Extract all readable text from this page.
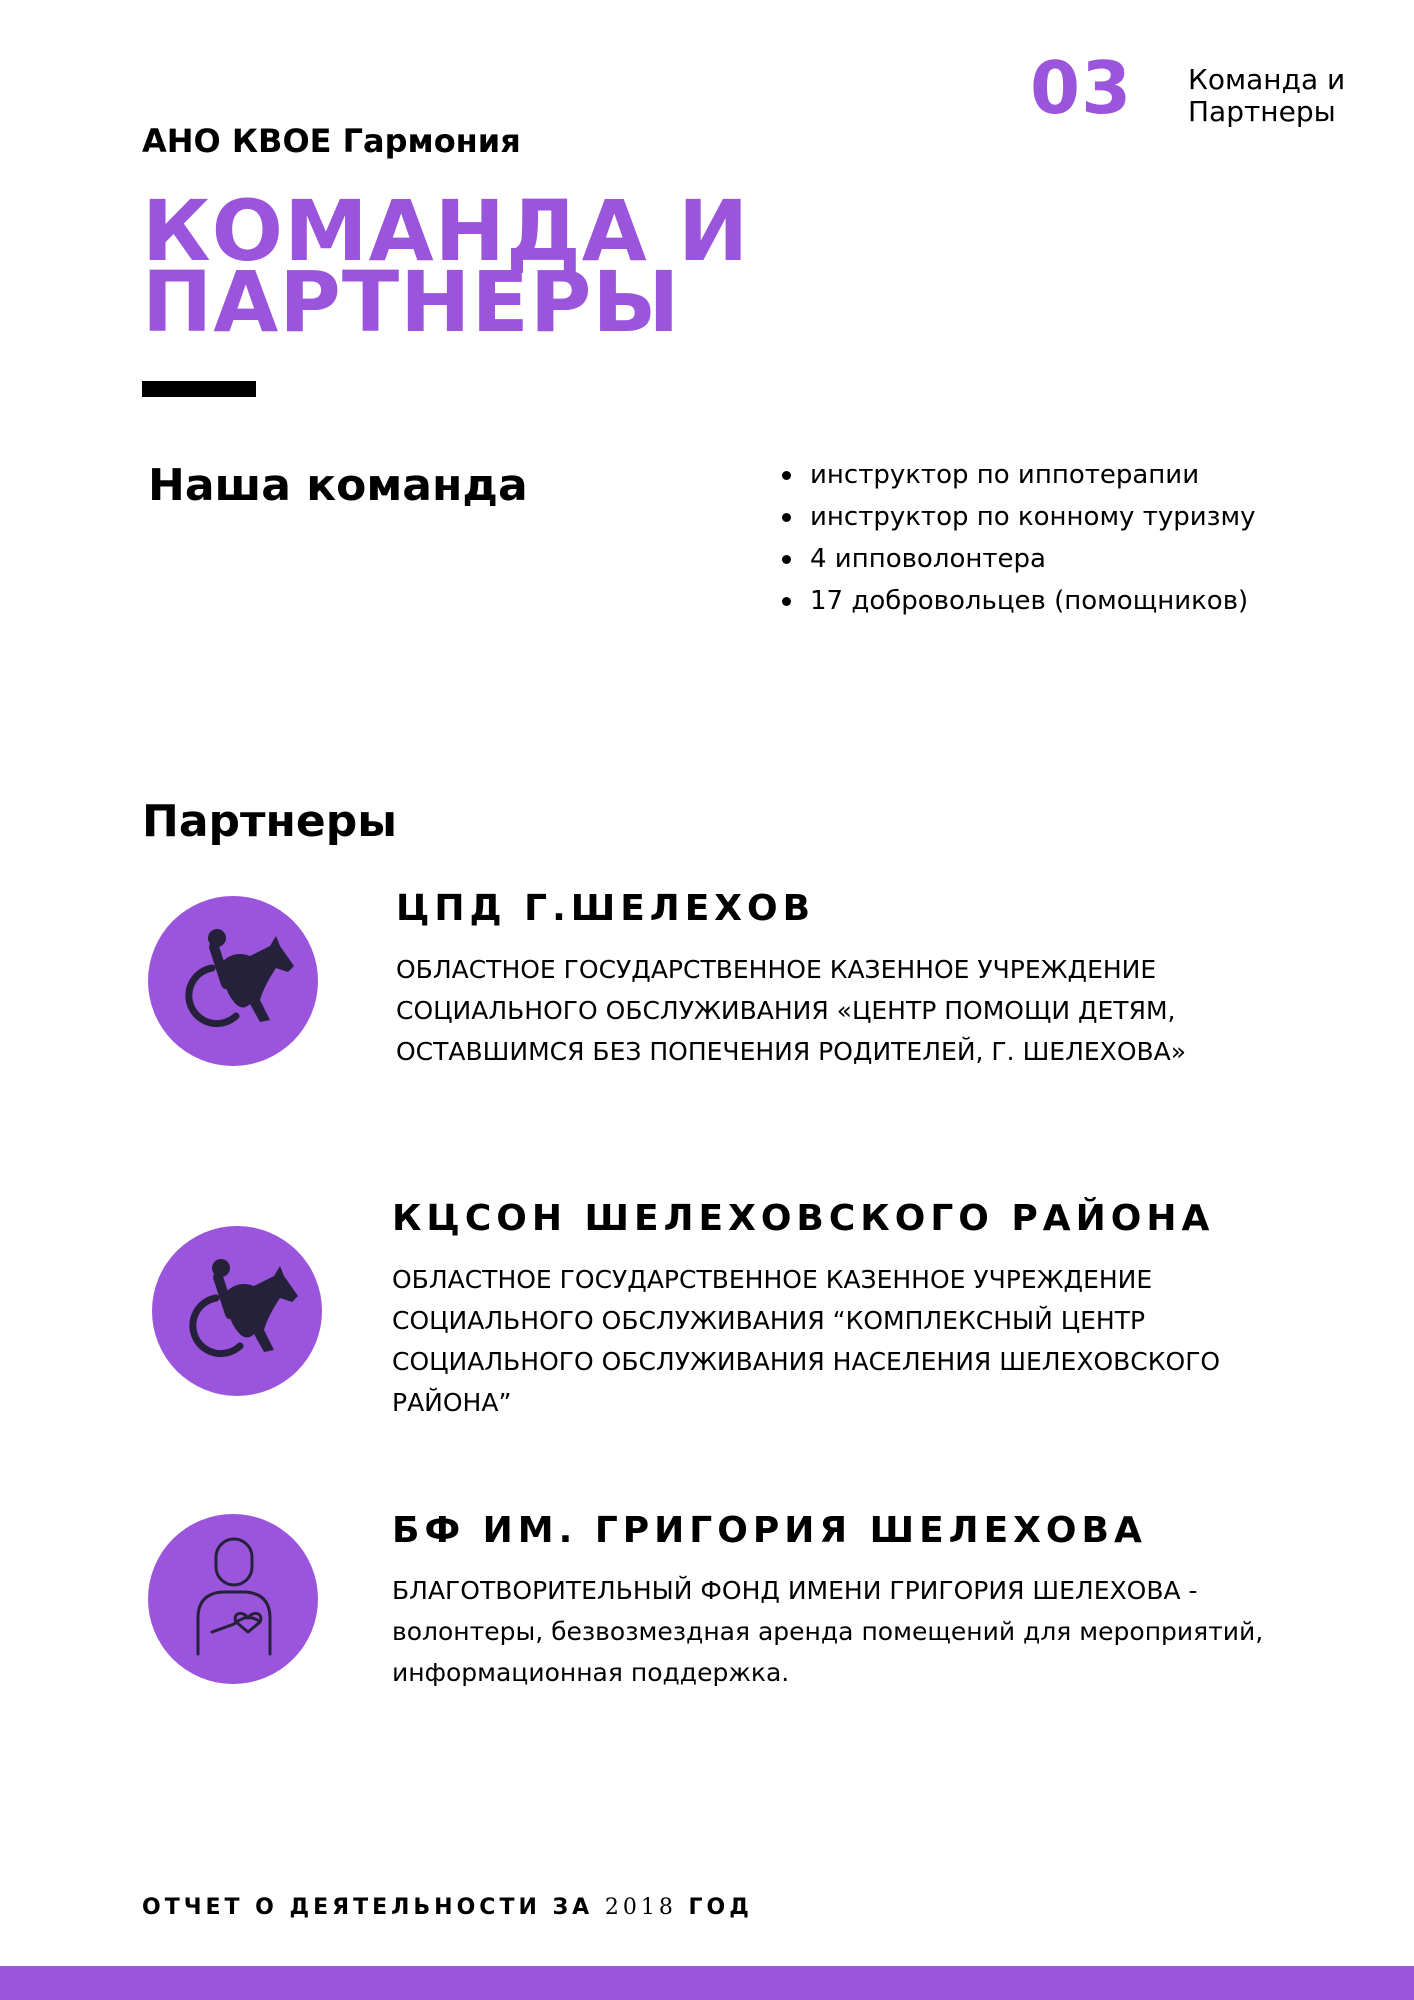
03 Команда и
Партнеры
АНО КВОЕ Гармония
КОМАНДА И
ПАРТНЕРЫ
Наша команда	инструктор по иппотерапии
инструктор по конному туризму
4 ипповолонтера
17 добровольцев (помощников)
Партнеры
ЦПД Г.ШЕЛЕХОВ
ОБЛАСТНОЕ ГОСУДАРСТВЕННОЕ КАЗЕННОЕ УЧРЕЖДЕНИЕ СОЦИАЛЬНОГО ОБСЛУЖИВАНИЯ «ЦЕНТР ПОМОЩИ ДЕТЯМ, ОСТАВШИМСЯ БЕЗ ПОПЕЧЕНИЯ РОДИТЕЛЕЙ, Г. ШЕЛЕХОВА»
КЦСОН ШЕЛЕХОВСКОГО РАЙОНА
ОБЛАСТНОЕ ГОСУДАРСТВЕННОЕ КАЗЕННОЕ УЧРЕЖДЕНИЕ СОЦИАЛЬНОГО ОБСЛУЖИВАНИЯ “КОМПЛЕКСНЫЙ ЦЕНТР СОЦИАЛЬНОГО ОБСЛУЖИВАНИЯ НАСЕЛЕНИЯ ШЕЛЕХОВСКОГО РАЙОНА”
БФ ИМ. ГРИГОРИЯ ШЕЛЕХОВА
БЛАГОТВОРИТЕЛЬНЫЙ ФОНД ИМЕНИ ГРИГОРИЯ ШЕЛЕХОВА - волонтеры, безвозмездная аренда помещений для мероприятий, информационная поддержка.
ОТЧЕТ О ДЕЯТЕЛЬНОСТИ ЗА 2018 ГОД
